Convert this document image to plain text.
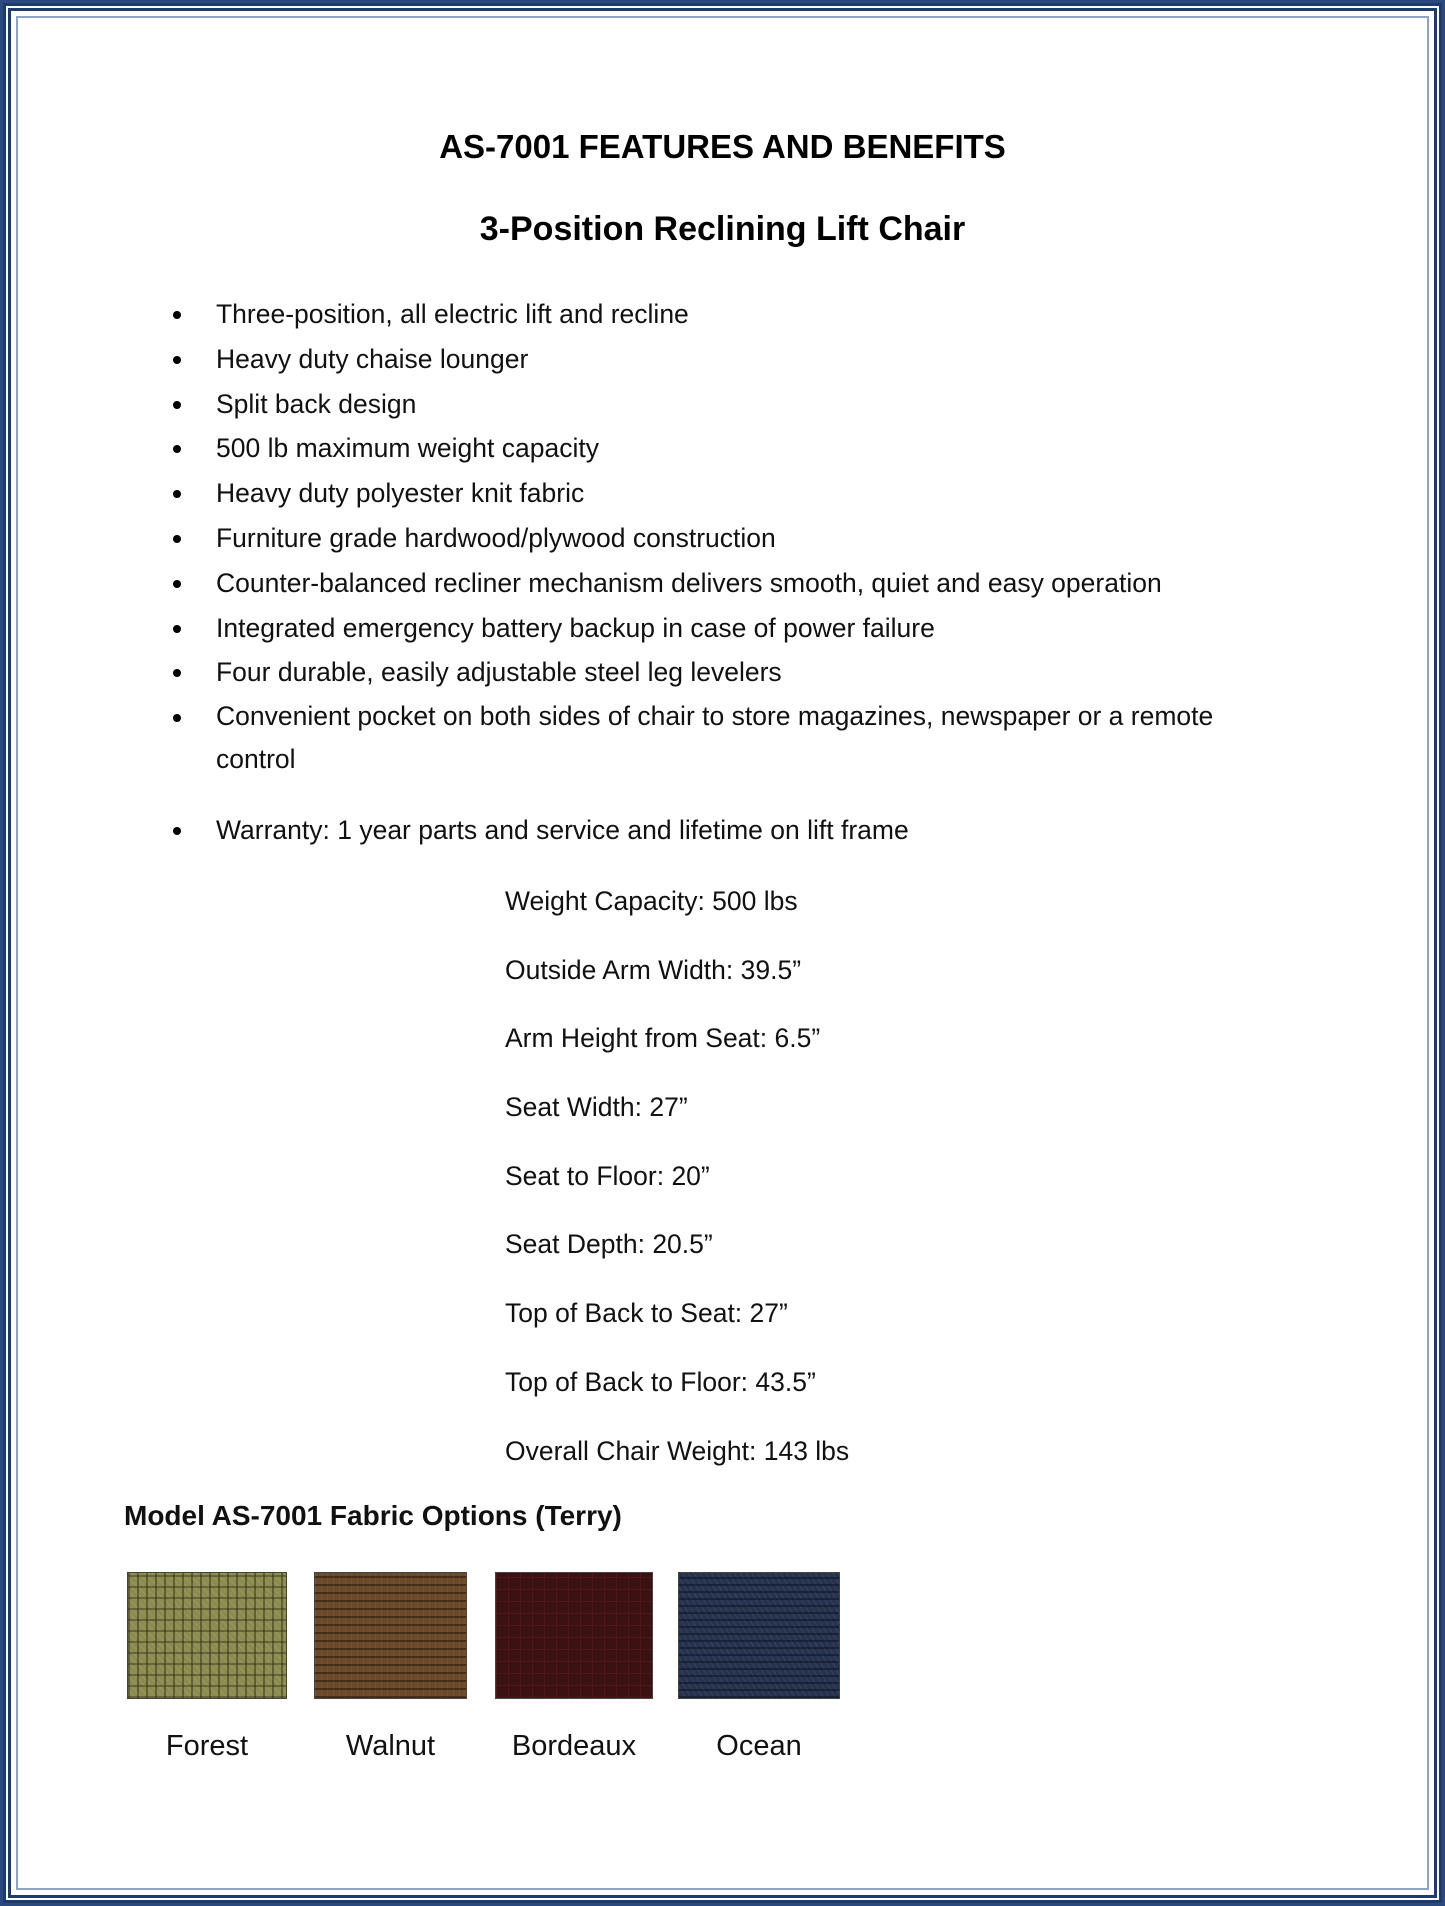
AS-7001 FEATURES AND BENEFITS
3-Position Reclining Lift Chair
Three-position, all electric lift and recline
Heavy duty chaise lounger
Split back design
500 lb maximum weight capacity
Heavy duty polyester knit fabric
Furniture grade hardwood/plywood construction
Counter-balanced recliner mechanism delivers smooth, quiet and easy operation
Integrated emergency battery backup in case of power failure
Four durable, easily adjustable steel leg levelers
Convenient pocket on both sides of chair to store magazines, newspaper or a remote control
Warranty: 1 year parts and service and lifetime on lift frame
Weight Capacity: 500 lbs
Outside Arm Width: 39.5”
Arm Height from Seat: 6.5”
Seat Width: 27”
Seat to Floor: 20”
Seat Depth: 20.5”
Top of Back to Seat: 27”
Top of Back to Floor: 43.5”
Overall Chair Weight: 143 lbs
Model AS-7001 Fabric Options (Terry)
Forest	Walnut	Bordeaux	Ocean
